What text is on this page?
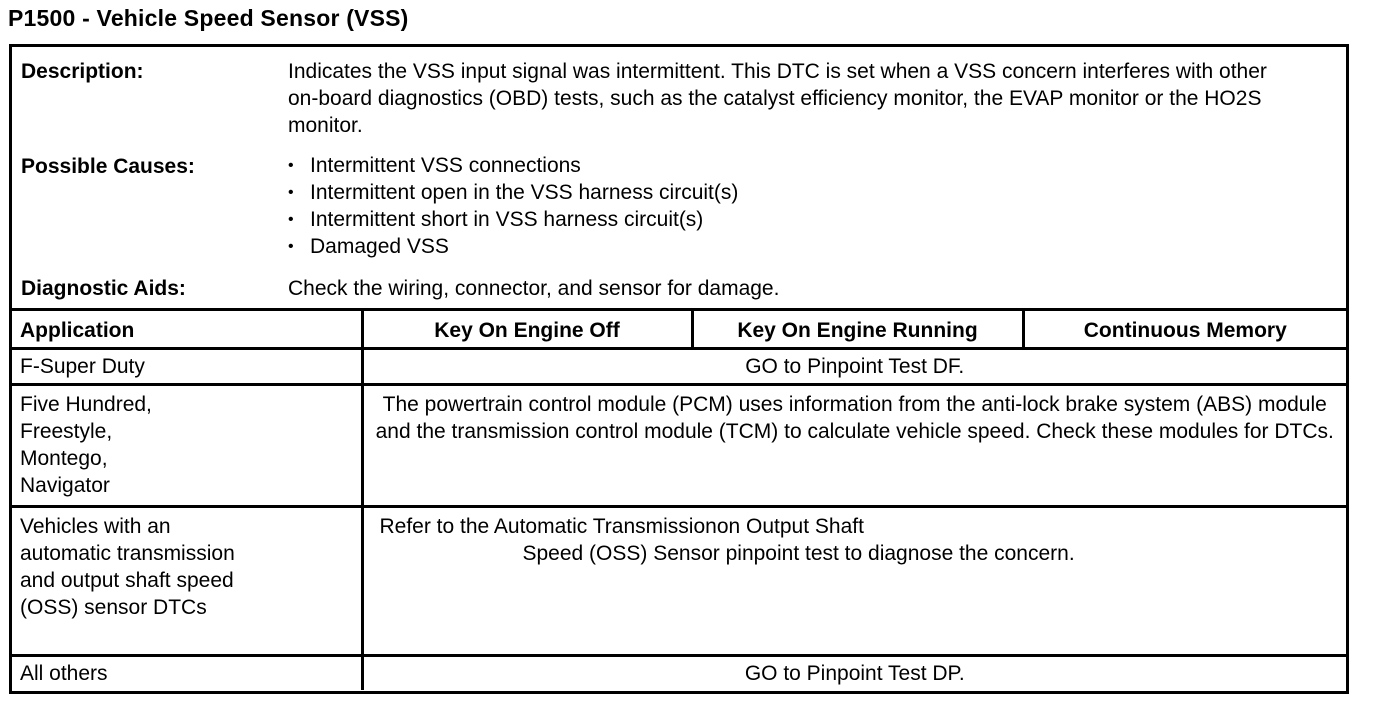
P1500 - Vehicle Speed Sensor (VSS)
Description:	Indicates the VSS input signal was intermittent. This DTC is set when a VSS concern interferes with other on-board diagnostics (OBD) tests, such as the catalyst efficiency monitor, the EVAP monitor or the HO2S monitor.
Possible Causes:	• Intermittent VSS connections
• Intermittent open in the VSS harness circuit(s)
• Intermittent short in VSS harness circuit(s)
• Damaged VSS
Diagnostic Aids:	Check the wiring, connector, and sensor for damage.
Application	Key On Engine Off	Key On Engine Running	Continuous Memory
F-Super Duty	GO to Pinpoint Test DF.		

Five Hundred, Freestyle, Montego, Navigator	The powertrain control module (PCM) uses information from the anti-lock brake system (ABS) module and the transmission control module (TCM) to calculate vehicle speed. Check these modules for DTCs.		

Vehicles with an automatic transmission and output shaft speed (OSS) sensor DTCs	Refer to the Automatic Transmissionon Output Shaft
Speed (OSS) Sensor pinpoint test to diagnose the concern.		

All others	GO to Pinpoint Test DP.		
